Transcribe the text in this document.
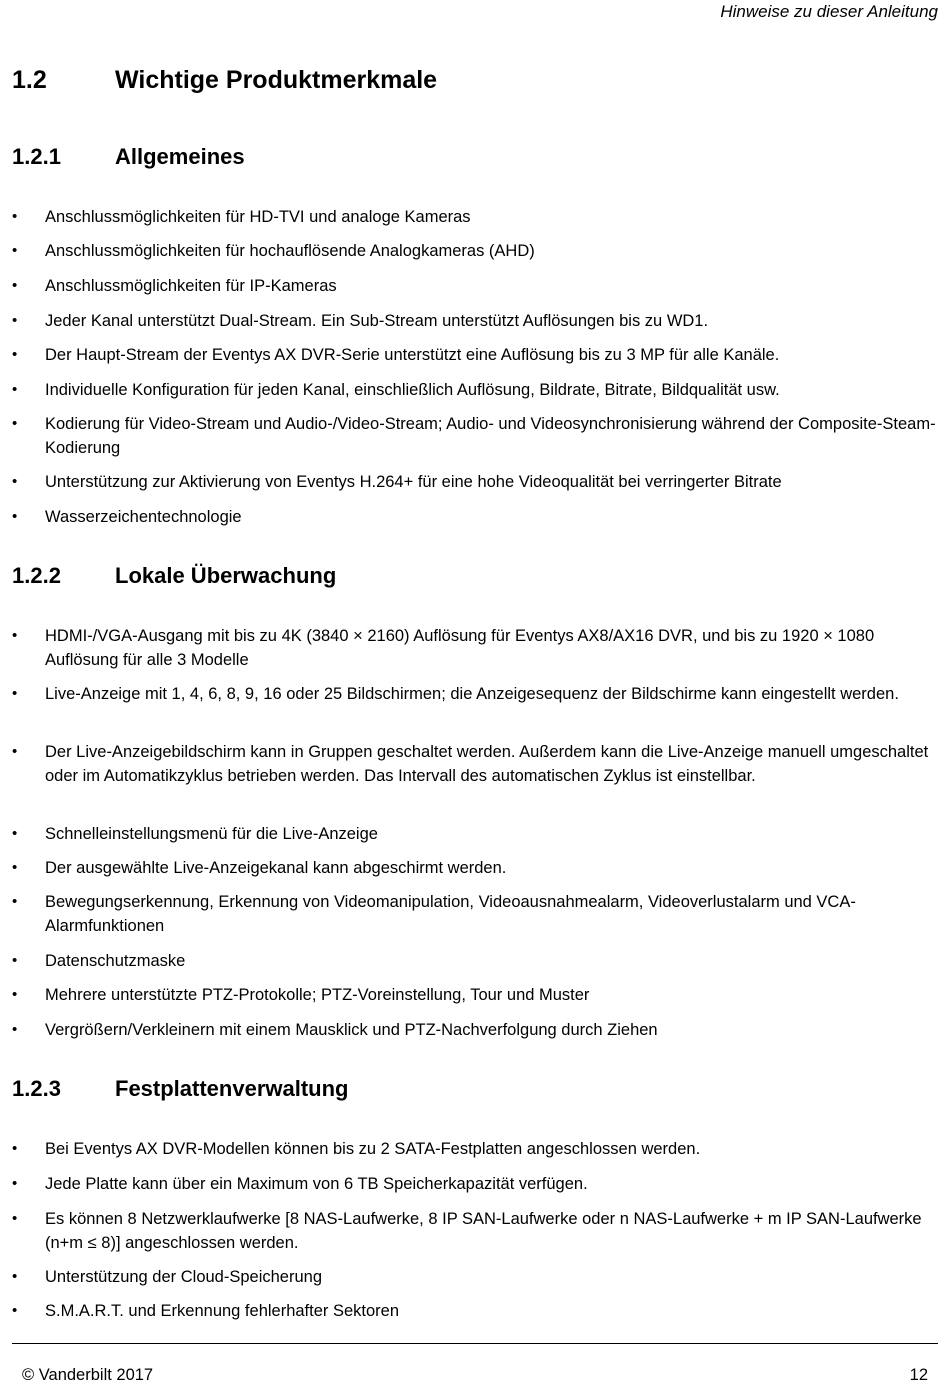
Hinweise zu dieser Anleitung
1.2	Wichtige Produktmerkmale
1.2.1 Allgemeines
• Anschlussmöglichkeiten für HD-TVI und analoge Kameras
• Anschlussmöglichkeiten für hochauflösende Analogkameras (AHD)
• Anschlussmöglichkeiten für IP-Kameras
• Jeder Kanal unterstützt Dual-Stream. Ein Sub-Stream unterstützt Auflösungen bis zu WD1.
• Der Haupt-Stream der Eventys AX DVR-Serie unterstützt eine Auflösung bis zu 3 MP für alle Kanäle.
• Individuelle Konfiguration für jeden Kanal, einschließlich Auflösung, Bildrate, Bitrate, Bildqualität usw.
• Kodierung für Video-Stream und Audio-/Video-Stream; Audio- und Videosynchronisierung während der Composite-Steam-Kodierung
• Unterstützung zur Aktivierung von Eventys H.264+ für eine hohe Videoqualität bei verringerter Bitrate
• Wasserzeichentechnologie
1.2.2 Lokale Überwachung
• HDMI-/VGA-Ausgang mit bis zu 4K (3840 × 2160) Auflösung für Eventys AX8/AX16 DVR, und bis zu 1920 × 1080 Auflösung für alle 3 Modelle
• Live-Anzeige mit 1, 4, 6, 8, 9, 16 oder 25 Bildschirmen; die Anzeigesequenz der Bildschirme kann eingestellt werden.
• Der Live-Anzeigebildschirm kann in Gruppen geschaltet werden. Außerdem kann die Live-Anzeige manuell umgeschaltet oder im Automatikzyklus betrieben werden. Das Intervall des automatischen Zyklus ist einstellbar.
• Schnelleinstellungsmenü für die Live-Anzeige
• Der ausgewählte Live-Anzeigekanal kann abgeschirmt werden.
• Bewegungserkennung, Erkennung von Videomanipulation, Videoausnahmealarm, Videoverlustalarm und VCA-Alarmfunktionen
• Datenschutzmaske
• Mehrere unterstützte PTZ-Protokolle; PTZ-Voreinstellung, Tour und Muster
• Vergrößern/Verkleinern mit einem Mausklick und PTZ-Nachverfolgung durch Ziehen
1.2.3 Festplattenverwaltung
• Bei Eventys AX DVR-Modellen können bis zu 2 SATA-Festplatten angeschlossen werden.
• Jede Platte kann über ein Maximum von 6 TB Speicherkapazität verfügen.
• Es können 8 Netzwerklaufwerke [8 NAS-Laufwerke, 8 IP SAN-Laufwerke oder n NAS-Laufwerke + m IP SAN-Laufwerke (n+m ≤ 8)] angeschlossen werden.
• Unterstützung der Cloud-Speicherung
• S.M.A.R.T. und Erkennung fehlerhafter Sektoren
© Vanderbilt 2017	12
